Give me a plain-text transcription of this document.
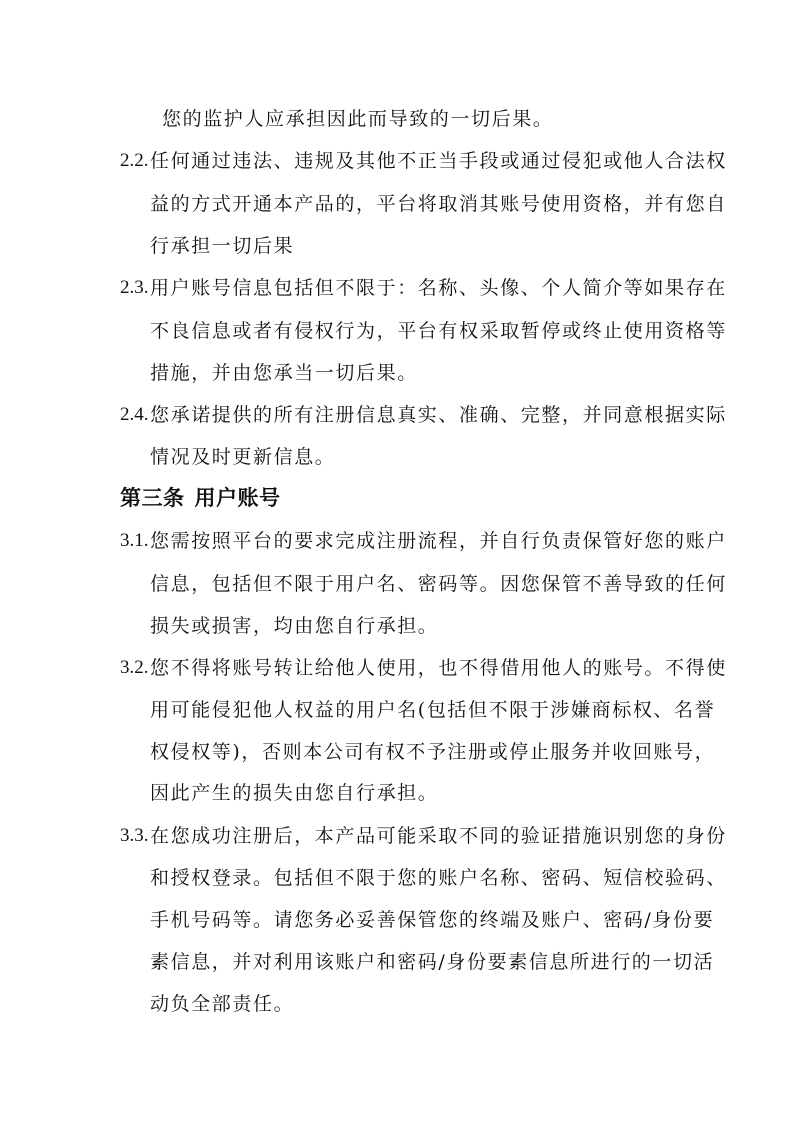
您的监护人应承担因此而导致的一切后果。
2.2. 任何通过违法、违规及其他不正当手段或通过侵犯或他人合法权
益的方式开通本产品的，平台将取消其账号使用资格，并有您自
行承担一切后果
2.3. 用户账号信息包括但不限于：名称、头像、个人简介等如果存在
不良信息或者有侵权行为，平台有权采取暂停或终止使用资格等
措施，并由您承当一切后果。
2.4. 您承诺提供的所有注册信息真实、准确、完整，并同意根据实际
情况及时更新信息。
第三条 用户账号
3.1. 您需按照平台的要求完成注册流程，并自行负责保管好您的账户
信息，包括但不限于用户名、密码等。因您保管不善导致的任何
损失或损害，均由您自行承担。
3.2. 您不得将账号转让给他人使用，也不得借用他人的账号。不得使
用可能侵犯他人权益的用户名(包括但不限于涉嫌商标权、名誉
权侵权等)，否则本公司有权不予注册或停止服务并收回账号，
因此产生的损失由您自行承担。
3.3. 在您成功注册后，本产品可能采取不同的验证措施识别您的身份
和授权登录。包括但不限于您的账户名称、密码、短信校验码、
手机号码等。请您务必妥善保管您的终端及账户、密码/身份要
素信息，并对利用该账户和密码/身份要素信息所进行的一切活
动负全部责任。
